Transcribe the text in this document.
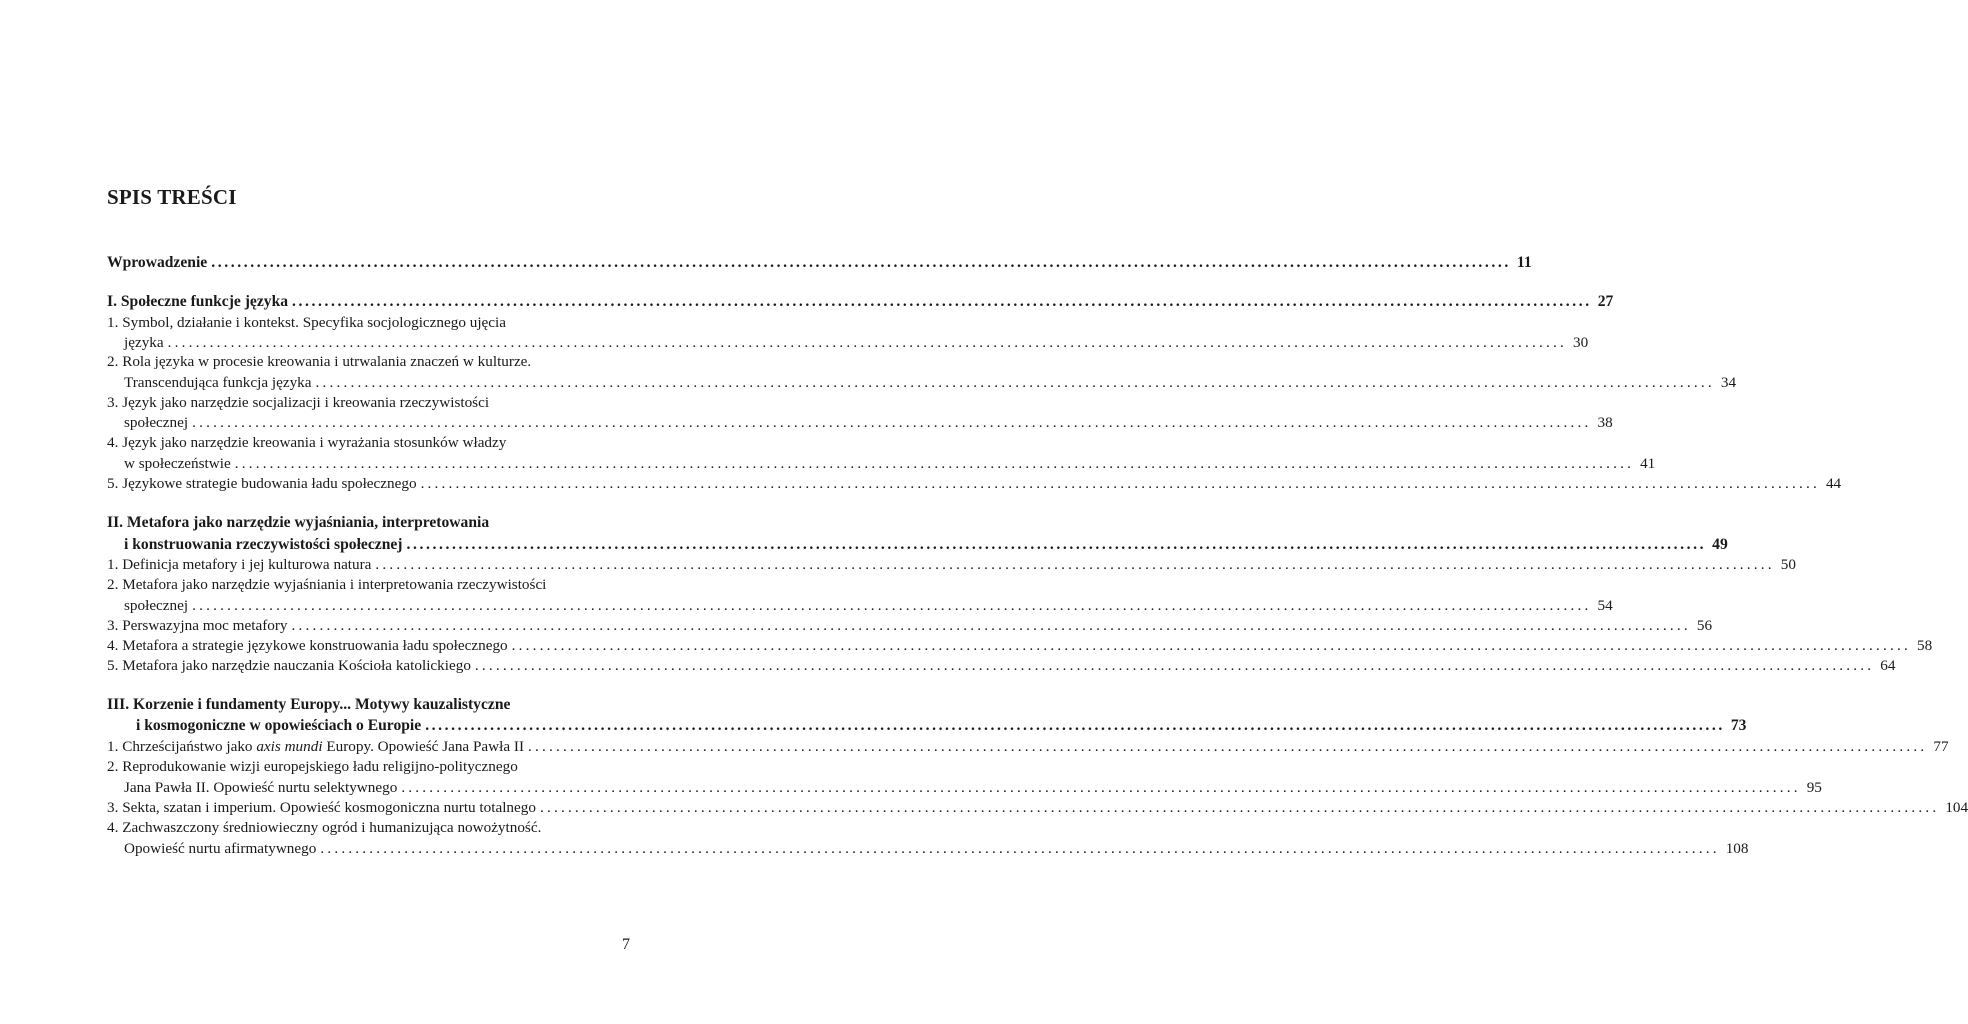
SPIS TREŚCI
Wprowadzenie ........................................................................................................................................................................................................ 11
I. Społeczne funkcje języka ........................................................................................................................................................................................................ 27
1. Symbol, działanie i kontekst. Specyfika socjologicznego ujęcia
języka ........................................................................................................................................................................................................ 30
2. Rola języka w procesie kreowania i utrwalania znaczeń w kulturze.
Transcendująca funkcja języka ........................................................................................................................................................................................................ 34
3. Język jako narzędzie socjalizacji i kreowania rzeczywistości
społecznej ........................................................................................................................................................................................................ 38
4. Język jako narzędzie kreowania i wyrażania stosunków władzy
w społeczeństwie ........................................................................................................................................................................................................ 41
5. Językowe strategie budowania ładu społecznego ........................................................................................................................................................................................................ 44
II. Metafora jako narzędzie wyjaśniania, interpretowania
i konstruowania rzeczywistości społecznej ........................................................................................................................................................................................................ 49
1. Definicja metafory i jej kulturowa natura ........................................................................................................................................................................................................ 50
2. Metafora jako narzędzie wyjaśniania i interpretowania rzeczywistości
społecznej ........................................................................................................................................................................................................ 54
3. Perswazyjna moc metafory ........................................................................................................................................................................................................ 56
4. Metafora a strategie językowe konstruowania ładu społecznego ........................................................................................................................................................................................................ 58
5. Metafora jako narzędzie nauczania Kościoła katolickiego ........................................................................................................................................................................................................ 64
III. Korzenie i fundamenty Europy... Motywy kauzalistyczne
i kosmogoniczne w opowieściach o Europie ........................................................................................................................................................................................................ 73
1. Chrześcijaństwo jako axis mundi Europy. Opowieść Jana Pawła II ........................................................................................................................................................................................................ 77
2. Reprodukowanie wizji europejskiego ładu religijno-politycznego
Jana Pawła II. Opowieść nurtu selektywnego ........................................................................................................................................................................................................ 95
3. Sekta, szatan i imperium. Opowieść kosmogoniczna nurtu totalnego ........................................................................................................................................................................................................ 104
4. Zachwaszczony średniowieczny ogród i humanizująca nowożytność.
Opowieść nurtu afirmatywnego ........................................................................................................................................................................................................ 108
7
